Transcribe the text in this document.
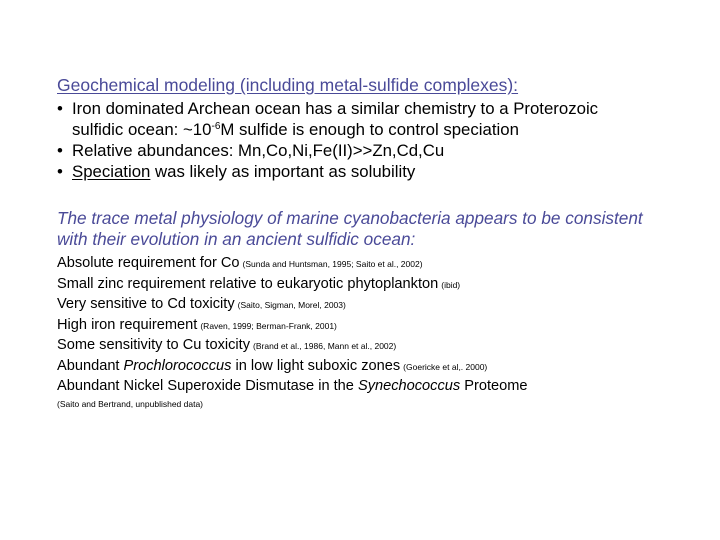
Geochemical modeling (including metal-sulfide complexes):
• Iron dominated Archean ocean has a similar chemistry to a Proterozoic
sulfidic ocean: $\sim 10^{-6}M$ sulfide is enough to control speciation
• Relative abundances: Mn,Co,Ni,Fe(II)>>Zn,Cd,Cu
• Speciation was likely as important as solubility
The trace metal physiology of marine cyanobacteria appears to be consistent
with their evolution in an ancient sulfidic ocean:
Absolute requirement for Co (Sunda and Huntsman, 1995; Saito et al., 2002)
Small zinc requirement relative to eukaryotic phytoplankton (ibid)
Very sensitive to Cd toxicity (Saito, Sigman, Morel, 2003)
High iron requirement (Raven, 1999; Berman-Frank, 2001)
Some sensitivity to Cu toxicity (Brand et al., 1986, Mann et al., 2002)
Abundant Prochlorococcus in low light suboxic zones (Goericke et al,. 2000)
Abundant Nickel Superoxide Dismutase in the Synechococcus Proteome
(Saito and Bertrand, unpublished data)
